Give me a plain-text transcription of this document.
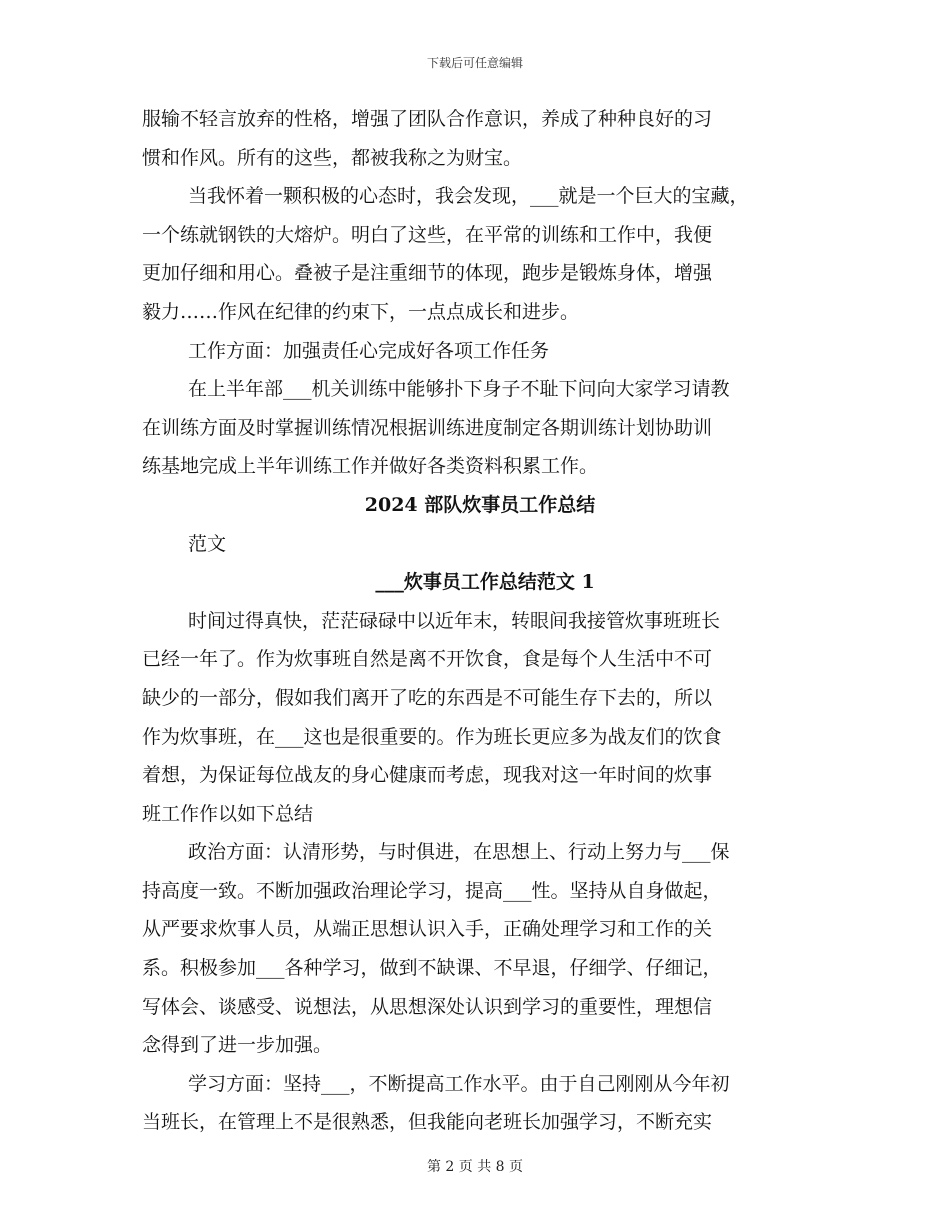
下载后可任意编辑

服输不轻言放弃的性格，增强了团队合作意识，养成了种种良好的习

惯和作风。所有的这些，都被我称之为财宝。

当我怀着一颗积极的心态时，我会发现，___就是一个巨大的宝藏，

一个练就钢铁的大熔炉。明白了这些，在平常的训练和工作中，我便

更加仔细和用心。叠被子是注重细节的体现，跑步是锻炼身体，增强

毅力……作风在纪律的约束下，一点点成长和进步。

工作方面：加强责任心完成好各项工作任务

在上半年部___机关训练中能够扑下身子不耻下问向大家学习请教

在训练方面及时掌握训练情况根据训练进度制定各期训练计划协助训

练基地完成上半年训练工作并做好各类资料积累工作。

2024 部队炊事员工作总结

范文

___炊事员工作总结范文 1

时间过得真快，茫茫碌碌中以近年末，转眼间我接管炊事班班长

已经一年了。作为炊事班自然是离不开饮食，食是每个人生活中不可

缺少的一部分，假如我们离开了吃的东西是不可能生存下去的，所以

作为炊事班，在___这也是很重要的。作为班长更应多为战友们的饮食

着想，为保证每位战友的身心健康而考虑，现我对这一年时间的炊事

班工作作以如下总结

政治方面：认清形势，与时俱进，在思想上、行动上努力与___保

持高度一致。不断加强政治理论学习，提高___性。坚持从自身做起，

从严要求炊事人员，从端正思想认识入手，正确处理学习和工作的关

系。积极参加___各种学习，做到不缺课、不早退，仔细学、仔细记，

写体会、谈感受、说想法，从思想深处认识到学习的重要性，理想信

念得到了进一步加强。

学习方面：坚持___，不断提高工作水平。由于自己刚刚从今年初

当班长，在管理上不是很熟悉，但我能向老班长加强学习，不断充实

第 2 页 共 8 页
